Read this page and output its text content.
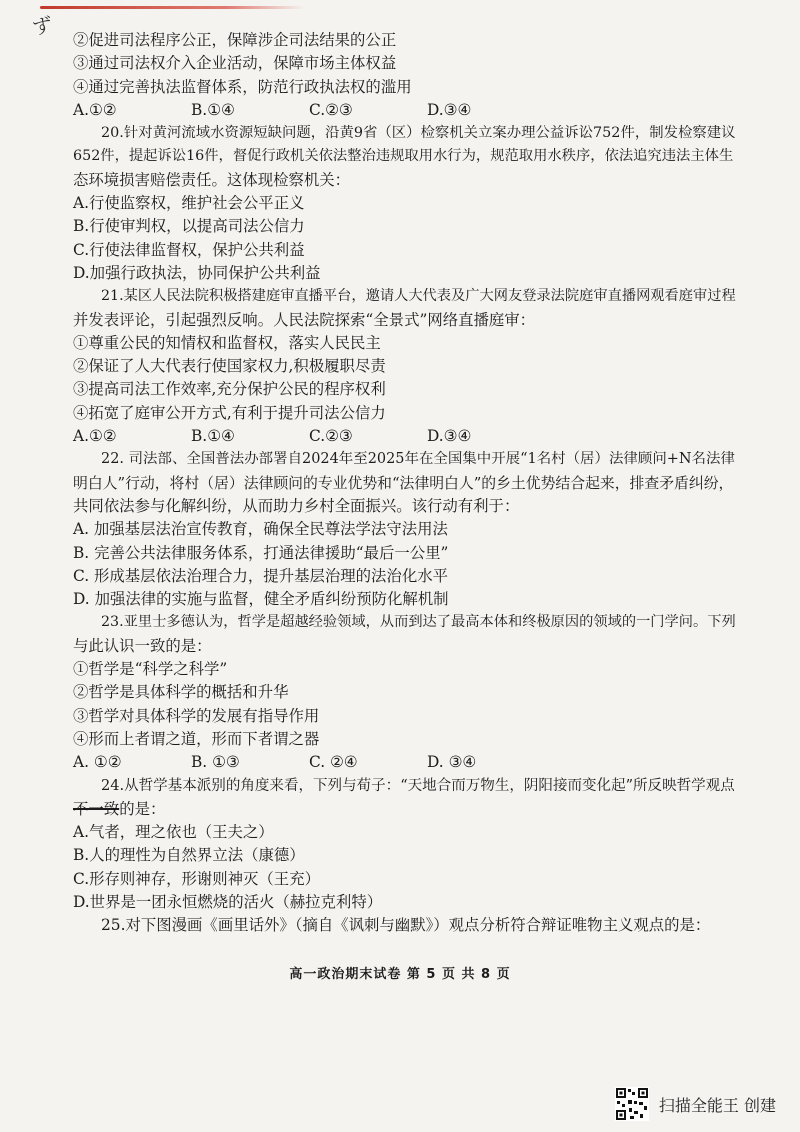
ず
②促进司法程序公正，保障涉企司法结果的公正
③通过司法权介入企业活动，保障市场主体权益
④通过完善执法监督体系，防范行政执法权的滥用
A.①②	B.①④	C.②③	D.③④
20.针对黄河流域水资源短缺问题，沿黄9省（区）检察机关立案办理公益诉讼752件，制发检察建议
652件，提起诉讼16件，督促行政机关依法整治违规取用水行为，规范取用水秩序，依法追究违法主体生
态环境损害赔偿责任。这体现检察机关：
A.行使监察权，维护社会公平正义
B.行使审判权，以提高司法公信力
C.行使法律监督权，保护公共利益
D.加强行政执法，协同保护公共利益
21.某区人民法院积极搭建庭审直播平台，邀请人大代表及广大网友登录法院庭审直播网观看庭审过程
并发表评论，引起强烈反响。人民法院探索“全景式”网络直播庭审：
①尊重公民的知情权和监督权，落实人民民主
②保证了人大代表行使国家权力,积极履职尽责
③提高司法工作效率,充分保护公民的程序权利
④拓宽了庭审公开方式,有利于提升司法公信力
A.①②	B.①④	C.②③	D.③④
22. 司法部、全国普法办部署自2024年至2025年在全国集中开展“1名村（居）法律顾问+N名法律
明白人”行动，将村（居）法律顾问的专业优势和“法律明白人”的乡土优势结合起来，排查矛盾纠纷，
共同依法参与化解纠纷，从而助力乡村全面振兴。该行动有利于：
A. 加强基层法治宣传教育，确保全民尊法学法守法用法
B. 完善公共法律服务体系，打通法律援助“最后一公里”
C. 形成基层依法治理合力，提升基层治理的法治化水平
D. 加强法律的实施与监督，健全矛盾纠纷预防化解机制
23.亚里士多德认为，哲学是超越经验领域，从而到达了最高本体和终极原因的领域的一门学问。下列
与此认识一致的是：
①哲学是“科学之科学”
②哲学是具体科学的概括和升华
③哲学对具体科学的发展有指导作用
④形而上者谓之道，形而下者谓之器
A. ①②	B. ①③	C. ②④	D. ③④
24.从哲学基本派别的角度来看，下列与荀子：“天地合而万物生，阴阳接而变化起”所反映哲学观点
不一致的是：
A.气者，理之依也（王夫之）
B.人的理性为自然界立法（康德）
C.形存则神存，形谢则神灭（王充）
D.世界是一团永恒燃烧的活火（赫拉克利特）
25.对下图漫画《画里话外》（摘自《讽刺与幽默》）观点分析符合辩证唯物主义观点的是：
高一政治期末试卷 第 5 页 共 8 页
扫描全能王 创建
